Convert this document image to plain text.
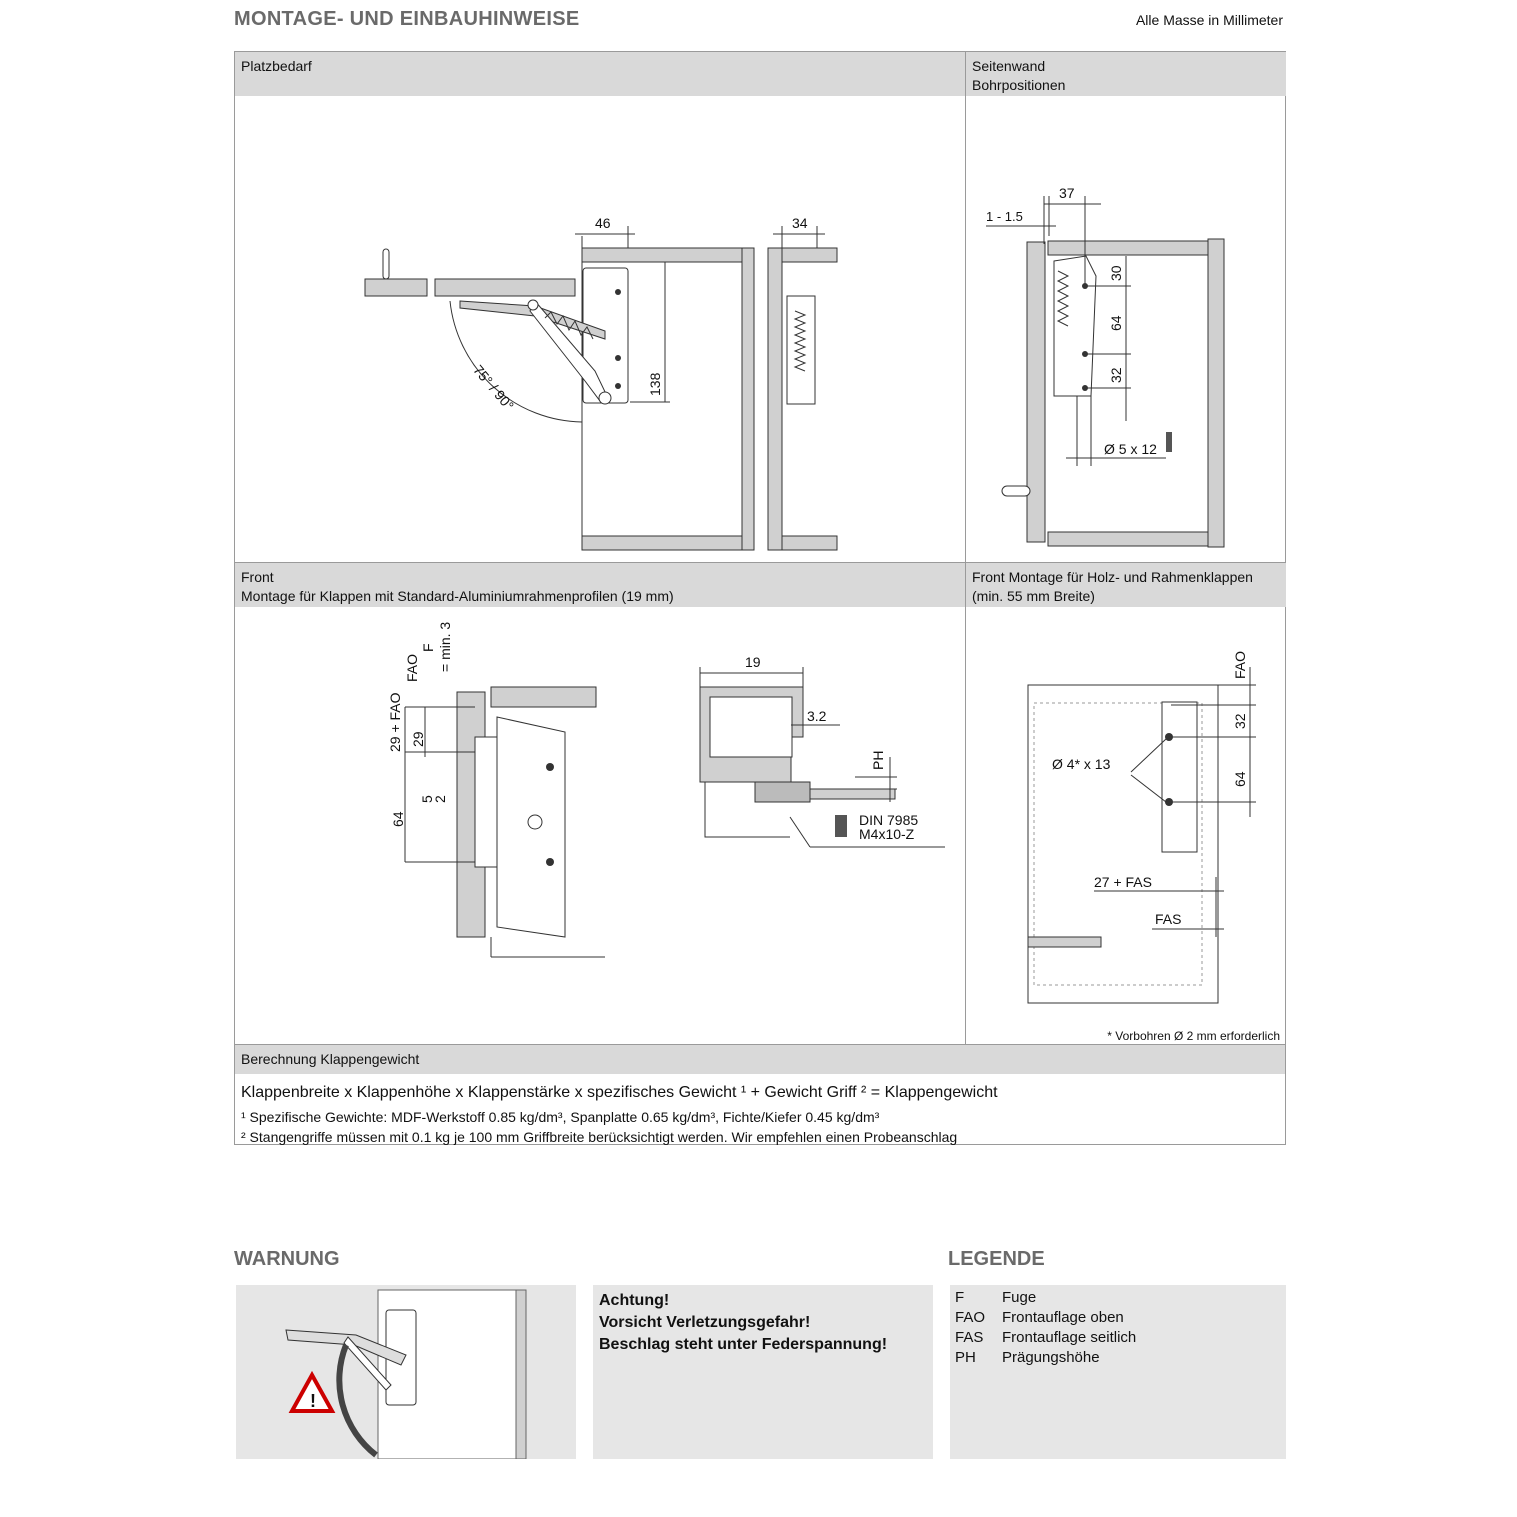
MONTAGE- UND EINBAUHINWEISE	Alle Masse in Millimeter
Platzbedarf
75° / 90°
46
138
34
Seitenwand
Bohrpositionen
1 - 1.5
37
30
64
32
Ø 5 x 12
Front
Montage für Klappen mit Standard-Aluminiumrahmenprofilen (19 mm)
29 + FAO 29
5
2
64
FAO
F = min. 3	19
3.2
PH
DIN 7985
M4x10-Z
Front Montage für Holz- und Rahmenklappen
(min. 55 mm Breite)
FAO
32
64
Ø 4* x 13
27 + FAS
FAS
* Vorbohren Ø 2 mm erforderlich
Berechnung Klappengewicht
Klappenbreite x Klappenhöhe x Klappenstärke x spezifisches Gewicht ¹ + Gewicht Griff ² = Klappengewicht
¹ Spezifische Gewichte: MDF-Werkstoff 0.85 kg/dm³, Spanplatte 0.65 kg/dm³, Fichte/Kiefer 0.45 kg/dm³
² Stangengriffe müssen mit 0.1 kg je 100 mm Griffbreite berücksichtigt werden. Wir empfehlen einen Probeanschlag
WARNUNG	LEGENDE
!
Achtung!
Vorsicht Verletzungsgefahr!
Beschlag steht unter Federspannung!
F	Fuge
FAO	Frontauflage oben
FAS	Frontauflage seitlich
PH	Prägungshöhe
